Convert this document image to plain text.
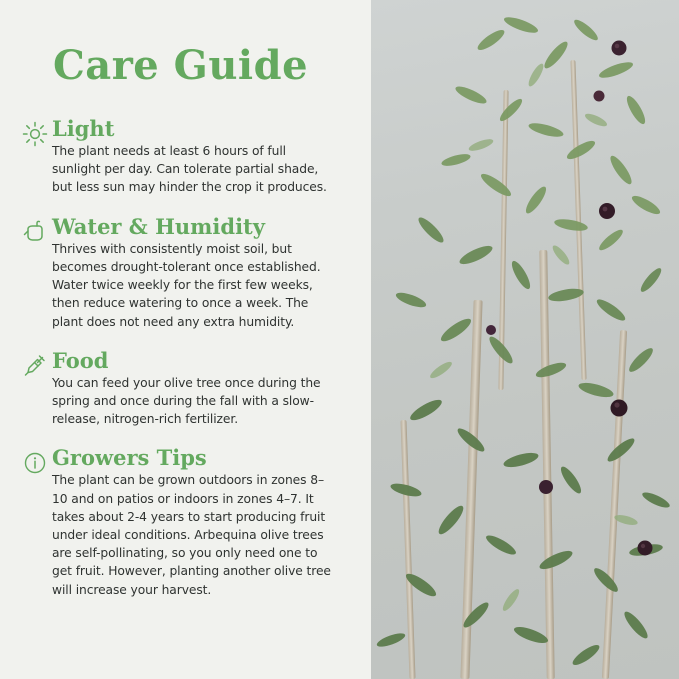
Care Guide
Light

The plant needs at least 6 hours of full sunlight per day. Can tolerate partial shade, but less sun may hinder the crop it produces.

Water & Humidity

Thrives with consistently moist soil, but becomes drought-tolerant once established. Water twice weekly for the first few weeks, then reduce watering to once a week. The plant does not need any extra humidity.

Food

You can feed your olive tree once during the spring and once during the fall with a slow-release, nitrogen-rich fertilizer.

Growers Tips

The plant can be grown outdoors in zones 8–10 and on patios or indoors in zones 4–7. It takes about 2-4 years to start producing fruit under ideal conditions. Arbequina olive trees are self-pollinating, so you only need one to get fruit. However, planting another olive tree will increase your harvest.
